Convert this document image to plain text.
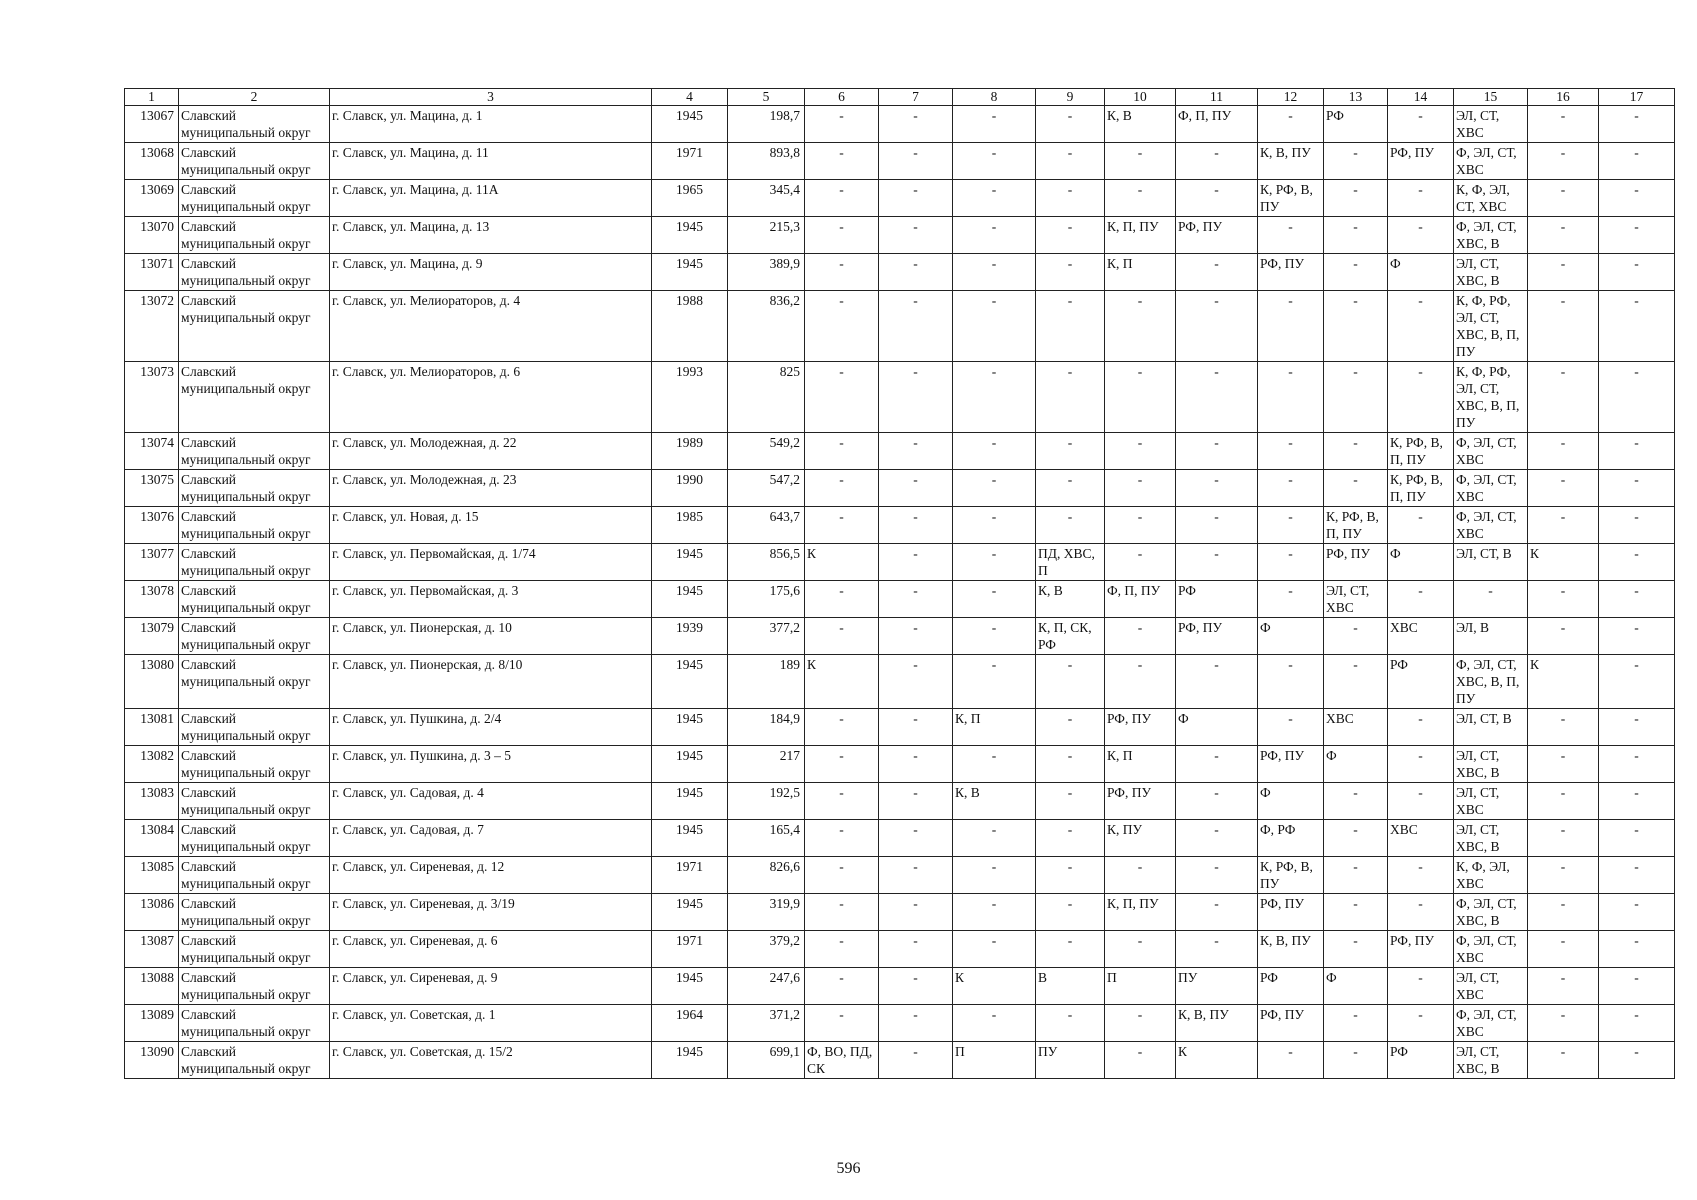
1	2	3	4	5	6	7	8	9	10	11	12	13	14	15	16	17
13067	Славский муниципальный округ	г. Славск, ул. Мацина, д. 1	1945	198,7	-	-	-	-	К, В	Ф, П, ПУ	-	РФ	-	ЭЛ, СТ, ХВС	-	-
13068	Славский муниципальный округ	г. Славск, ул. Мацина, д. 11	1971	893,8	-	-	-	-	-	-	К, В, ПУ	-	РФ, ПУ	Ф, ЭЛ, СТ, ХВС	-	-
13069	Славский муниципальный округ	г. Славск, ул. Мацина, д. 11А	1965	345,4	-	-	-	-	-	-	К, РФ, В, ПУ	-	-	К, Ф, ЭЛ, СТ, ХВС	-	-
13070	Славский муниципальный округ	г. Славск, ул. Мацина, д. 13	1945	215,3	-	-	-	-	К, П, ПУ	РФ, ПУ	-	-	-	Ф, ЭЛ, СТ, ХВС, В	-	-
13071	Славский муниципальный округ	г. Славск, ул. Мацина, д. 9	1945	389,9	-	-	-	-	К, П	-	РФ, ПУ	-	Ф	ЭЛ, СТ, ХВС, В	-	-
13072	Славский муниципальный округ	г. Славск, ул. Мелиораторов, д. 4	1988	836,2	-	-	-	-	-	-	-	-	-	К, Ф, РФ, ЭЛ, СТ, ХВС, В, П, ПУ	-	-
13073	Славский муниципальный округ	г. Славск, ул. Мелиораторов, д. 6	1993	825	-	-	-	-	-	-	-	-	-	К, Ф, РФ, ЭЛ, СТ, ХВС, В, П, ПУ	-	-
13074	Славский муниципальный округ	г. Славск, ул. Молодежная, д. 22	1989	549,2	-	-	-	-	-	-	-	-	К, РФ, В, П, ПУ	Ф, ЭЛ, СТ, ХВС	-	-
13075	Славский муниципальный округ	г. Славск, ул. Молодежная, д. 23	1990	547,2	-	-	-	-	-	-	-	-	К, РФ, В, П, ПУ	Ф, ЭЛ, СТ, ХВС	-	-
13076	Славский муниципальный округ	г. Славск, ул. Новая, д. 15	1985	643,7	-	-	-	-	-	-	-	К, РФ, В, П, ПУ	-	Ф, ЭЛ, СТ, ХВС	-	-
13077	Славский муниципальный округ	г. Славск, ул. Первомайская, д. 1/74	1945	856,5	К	-	-	ПД, ХВС, П	-	-	-	РФ, ПУ	Ф	ЭЛ, СТ, В	К	-
13078	Славский муниципальный округ	г. Славск, ул. Первомайская, д. 3	1945	175,6	-	-	-	К, В	Ф, П, ПУ	РФ	-	ЭЛ, СТ, ХВС	-	-	-	-
13079	Славский муниципальный округ	г. Славск, ул. Пионерская, д. 10	1939	377,2	-	-	-	К, П, СК, РФ	-	РФ, ПУ	Ф	-	ХВС	ЭЛ, В	-	-
13080	Славский муниципальный округ	г. Славск, ул. Пионерская, д. 8/10	1945	189	К	-	-	-	-	-	-	-	РФ	Ф, ЭЛ, СТ, ХВС, В, П, ПУ	К	-
13081	Славский муниципальный округ	г. Славск, ул. Пушкина, д. 2/4	1945	184,9	-	-	К, П	-	РФ, ПУ	Ф	-	ХВС	-	ЭЛ, СТ, В	-	-
13082	Славский муниципальный округ	г. Славск, ул. Пушкина, д. 3 – 5	1945	217	-	-	-	-	К, П	-	РФ, ПУ	Ф	-	ЭЛ, СТ, ХВС, В	-	-
13083	Славский муниципальный округ	г. Славск, ул. Садовая, д. 4	1945	192,5	-	-	К, В	-	РФ, ПУ	-	Ф	-	-	ЭЛ, СТ, ХВС	-	-
13084	Славский муниципальный округ	г. Славск, ул. Садовая, д. 7	1945	165,4	-	-	-	-	К, ПУ	-	Ф, РФ	-	ХВС	ЭЛ, СТ, ХВС, В	-	-
13085	Славский муниципальный округ	г. Славск, ул. Сиреневая, д. 12	1971	826,6	-	-	-	-	-	-	К, РФ, В, ПУ	-	-	К, Ф, ЭЛ, ХВС	-	-
13086	Славский муниципальный округ	г. Славск, ул. Сиреневая, д. 3/19	1945	319,9	-	-	-	-	К, П, ПУ	-	РФ, ПУ	-	-	Ф, ЭЛ, СТ, ХВС, В	-	-
13087	Славский муниципальный округ	г. Славск, ул. Сиреневая, д. 6	1971	379,2	-	-	-	-	-	-	К, В, ПУ	-	РФ, ПУ	Ф, ЭЛ, СТ, ХВС	-	-
13088	Славский муниципальный округ	г. Славск, ул. Сиреневая, д. 9	1945	247,6	-	-	К	В	П	ПУ	РФ	Ф	-	ЭЛ, СТ, ХВС	-	-
13089	Славский муниципальный округ	г. Славск, ул. Советская, д. 1	1964	371,2	-	-	-	-	-	К, В, ПУ	РФ, ПУ	-	-	Ф, ЭЛ, СТ, ХВС	-	-
13090	Славский муниципальный округ	г. Славск, ул. Советская, д. 15/2	1945	699,1	Ф, ВО, ПД, СК	-	П	ПУ	-	К	-	-	РФ	ЭЛ, СТ, ХВС, В	-	-
596
